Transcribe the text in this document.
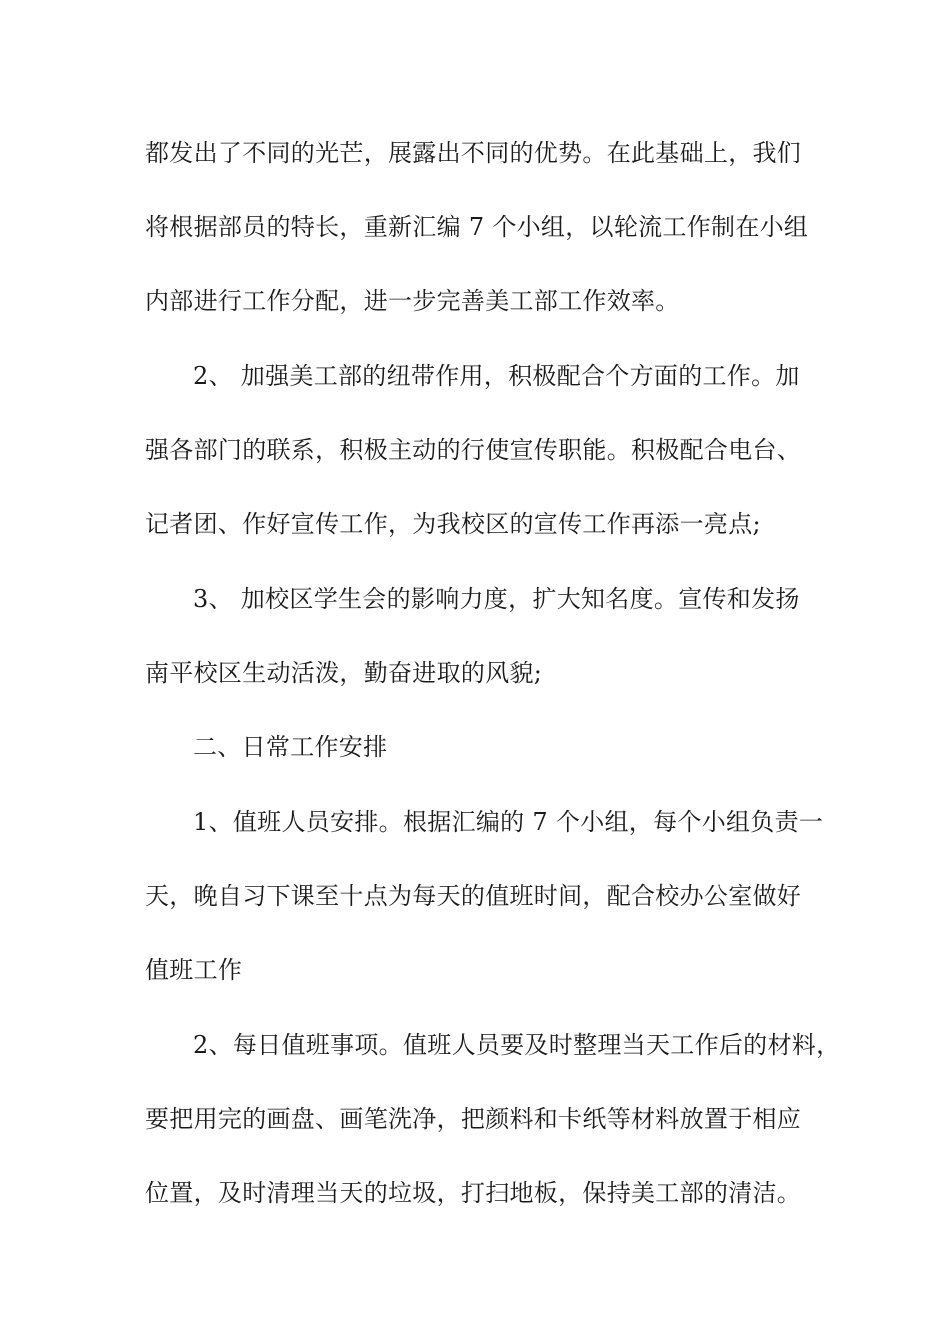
都发出了不同的光芒，展露出不同的优势。在此基础上，我们
将根据部员的特长，重新汇编 7 个小组，以轮流工作制在小组
内部进行工作分配，进一步完善美工部工作效率。
2、 加强美工部的纽带作用，积极配合个方面的工作。加
强各部门的联系，积极主动的行使宣传职能。积极配合电台、
记者团、作好宣传工作，为我校区的宣传工作再添一亮点;
3、 加校区学生会的影响力度，扩大知名度。宣传和发扬
南平校区生动活泼，勤奋进取的风貌;
二、日常工作安排
1、值班人员安排。根据汇编的 7 个小组，每个小组负责一
天，晚自习下课至十点为每天的值班时间，配合校办公室做好
值班工作
2、每日值班事项。值班人员要及时整理当天工作后的材料，
要把用完的画盘、画笔洗净，把颜料和卡纸等材料放置于相应
位置，及时清理当天的垃圾，打扫地板，保持美工部的清洁。
